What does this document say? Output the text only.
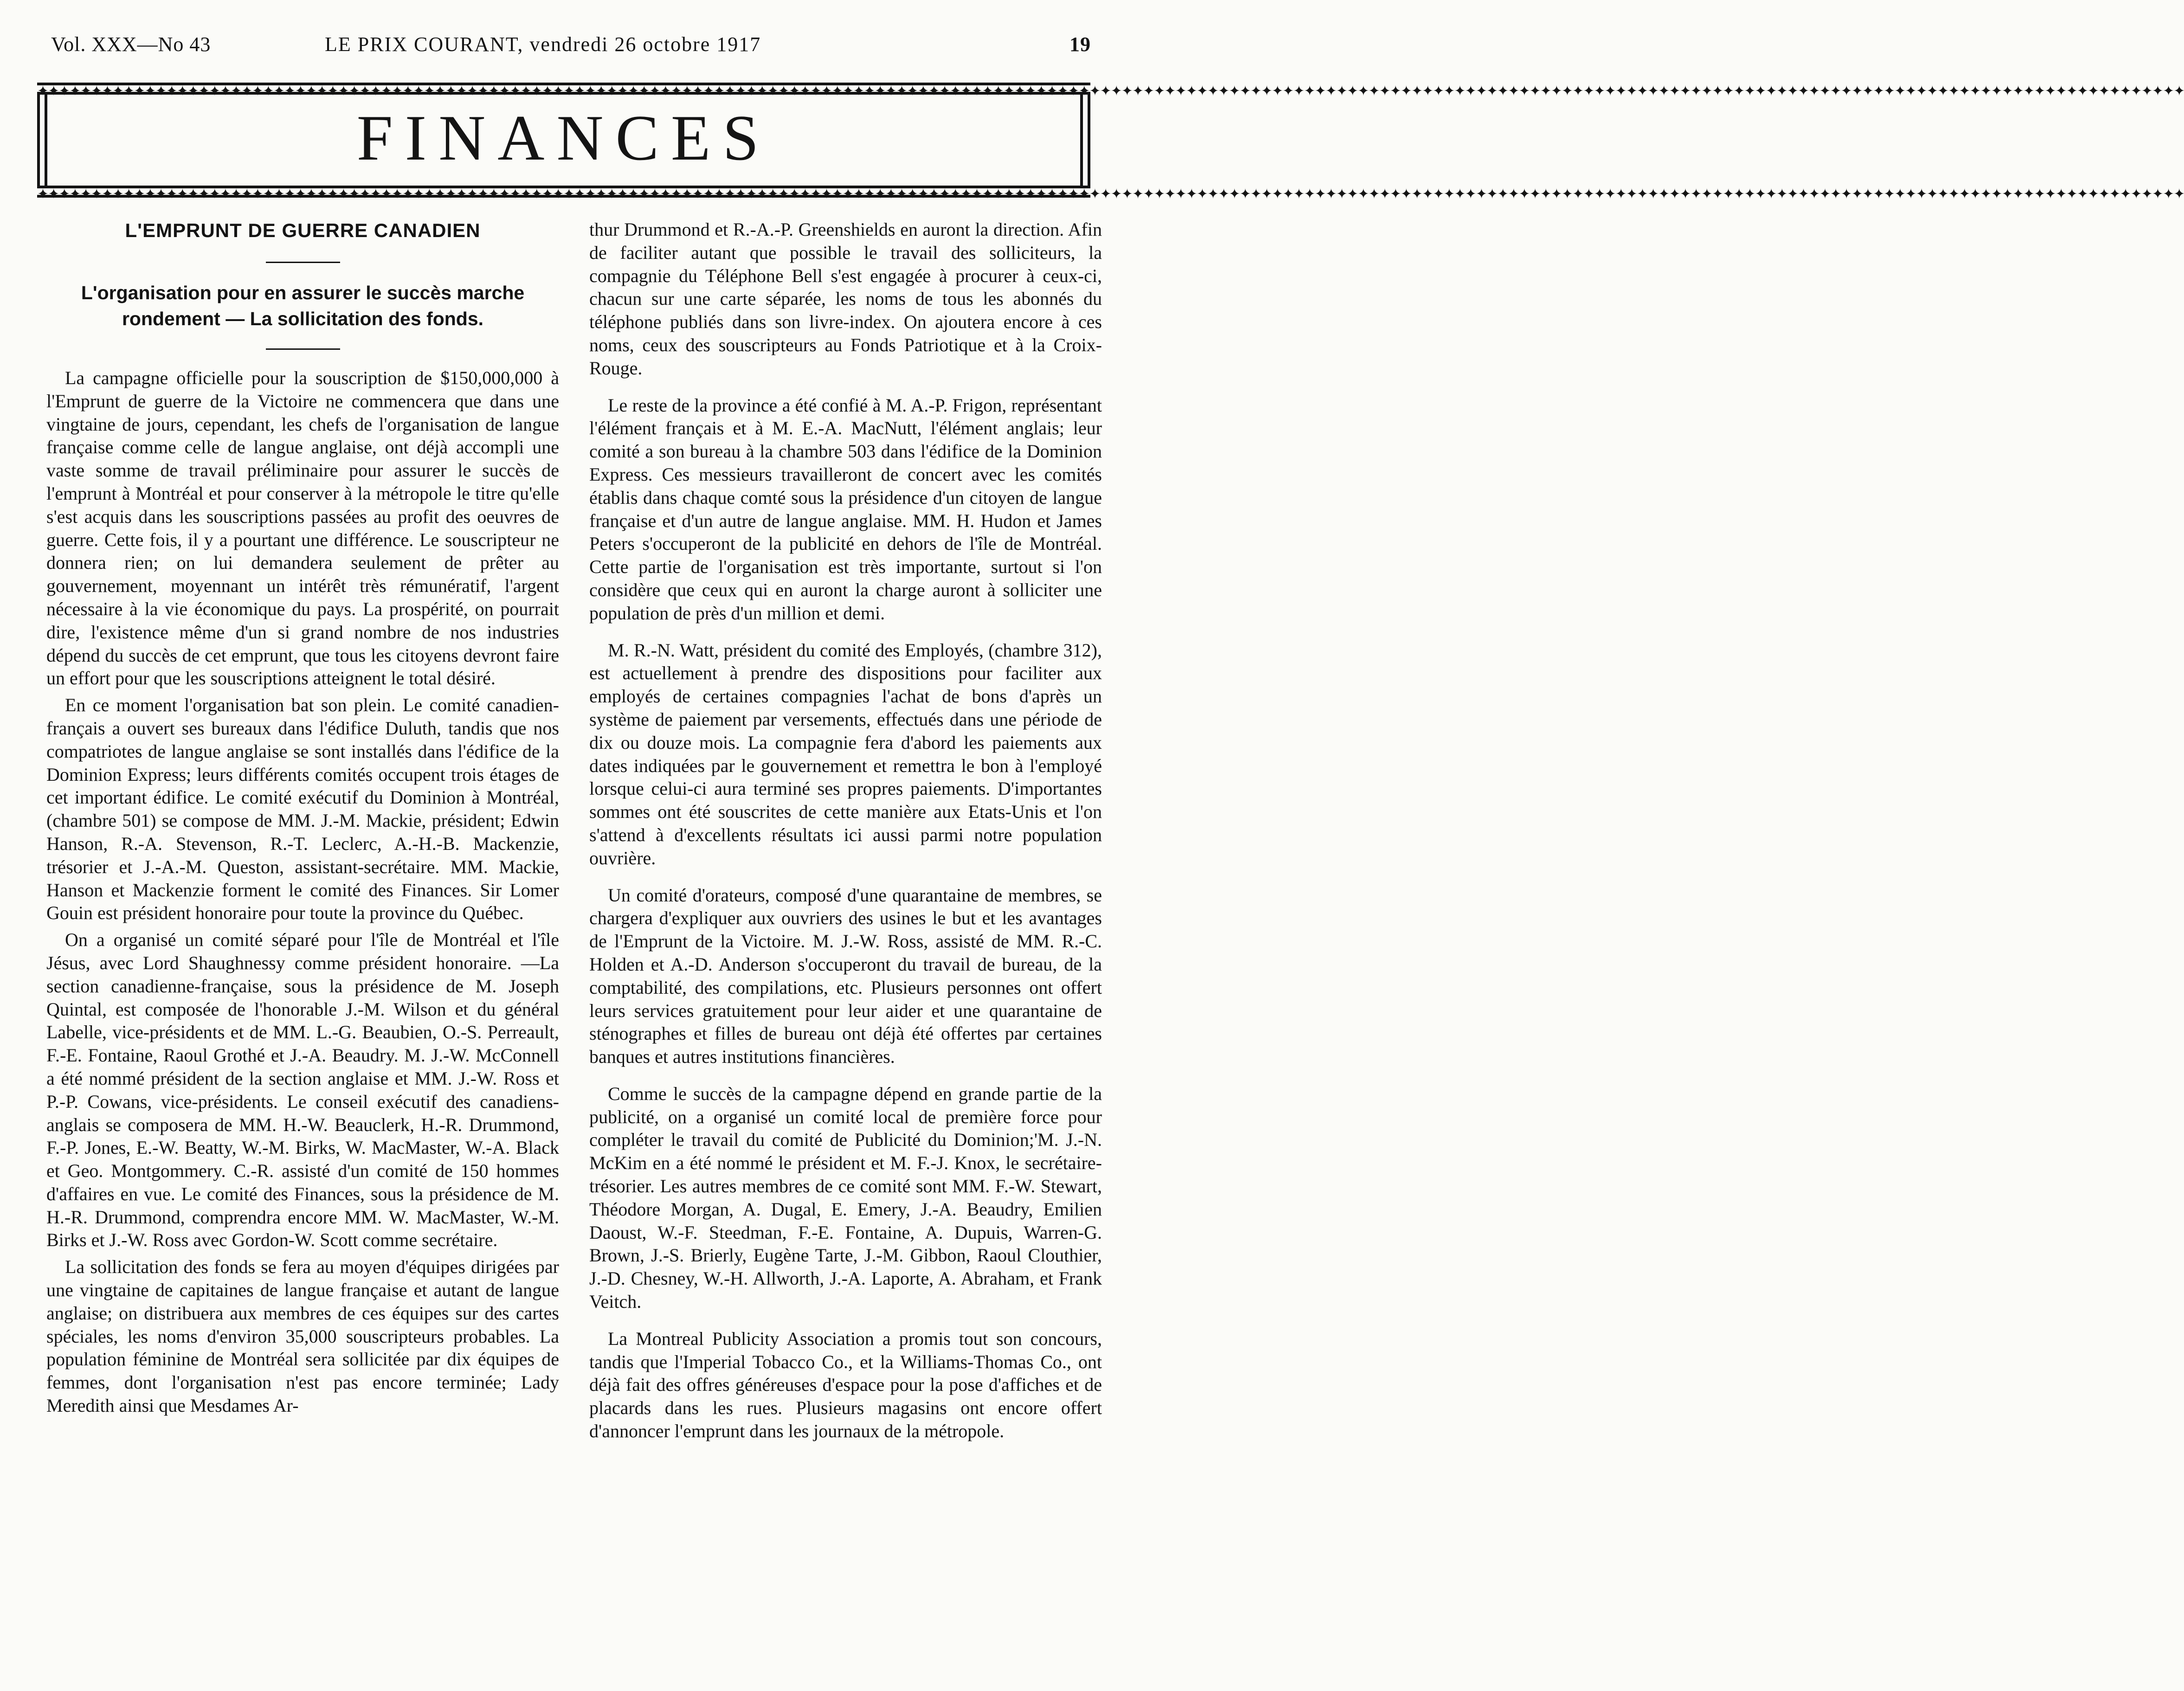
Vol. XXX—No 43	LE PRIX COURANT, vendredi 26 octobre 1917	19
✦✦✦✦✦✦✦✦✦✦✦✦✦✦✦✦✦✦✦✦✦✦✦✦✦✦✦✦✦✦✦✦✦✦✦✦✦✦✦✦✦✦✦✦✦✦✦✦✦✦✦✦✦✦✦✦✦✦✦✦✦✦✦✦✦✦✦✦✦✦✦✦✦✦✦✦✦✦✦✦✦✦✦✦✦✦✦✦✦✦✦✦✦✦✦✦✦✦✦✦✦✦✦✦✦✦✦✦✦✦✦✦✦✦✦✦✦✦✦✦✦✦✦✦✦✦✦✦✦✦✦✦✦✦✦✦✦✦✦✦✦✦✦✦✦✦✦✦✦✦✦✦✦✦✦✦✦✦✦✦✦✦✦✦✦✦✦✦✦✦✦✦✦✦✦✦✦✦✦✦✦✦✦✦✦✦✦✦✦✦✦✦✦✦✦✦✦✦✦✦
FINANCES
✦✦✦✦✦✦✦✦✦✦✦✦✦✦✦✦✦✦✦✦✦✦✦✦✦✦✦✦✦✦✦✦✦✦✦✦✦✦✦✦✦✦✦✦✦✦✦✦✦✦✦✦✦✦✦✦✦✦✦✦✦✦✦✦✦✦✦✦✦✦✦✦✦✦✦✦✦✦✦✦✦✦✦✦✦✦✦✦✦✦✦✦✦✦✦✦✦✦✦✦✦✦✦✦✦✦✦✦✦✦✦✦✦✦✦✦✦✦✦✦✦✦✦✦✦✦✦✦✦✦✦✦✦✦✦✦✦✦✦✦✦✦✦✦✦✦✦✦✦✦✦✦✦✦✦✦✦✦✦✦✦✦✦✦✦✦✦✦✦✦✦✦✦✦✦✦✦✦✦✦✦✦✦✦✦✦✦✦✦✦✦✦✦✦✦✦✦✦✦✦
L'EMPRUNT DE GUERRE CANADIEN
L'organisation pour en assurer le succès marche rondement — La sollicitation des fonds.

La campagne officielle pour la souscription de $150,000,000 à l'Emprunt de guerre de la Victoire ne commencera que dans une vingtaine de jours, cependant, les chefs de l'organisation de langue française comme celle de langue anglaise, ont déjà accompli une vaste somme de travail préliminaire pour assurer le succès de l'emprunt à Montréal et pour conserver à la métropole le titre qu'elle s'est acquis dans les souscriptions passées au profit des oeuvres de guerre. Cette fois, il y a pourtant une différence. Le souscripteur ne donnera rien; on lui demandera seulement de prêter au gouvernement, moyennant un intérêt très rémunératif, l'argent nécessaire à la vie économique du pays. La prospérité, on pourrait dire, l'existence même d'un si grand nombre de nos industries dépend du succès de cet emprunt, que tous les citoyens devront faire un effort pour que les souscriptions atteignent le total désiré.

En ce moment l'organisation bat son plein. Le comité canadien-français a ouvert ses bureaux dans l'édifice Duluth, tandis que nos compatriotes de langue anglaise se sont installés dans l'édifice de la Dominion Express; leurs différents comités occupent trois étages de cet important édifice. Le comité exécutif du Dominion à Montréal, (chambre 501) se compose de MM. J.-M. Mackie, président; Edwin Hanson, R.-A. Stevenson, R.-T. Leclerc, A.-H.-B. Mackenzie, trésorier et J.-A.-M. Queston, assistant-secrétaire. MM. Mackie, Hanson et Mackenzie forment le comité des Finances. Sir Lomer Gouin est président honoraire pour toute la province du Québec.

On a organisé un comité séparé pour l'île de Montréal et l'île Jésus, avec Lord Shaughnessy comme président honoraire. —La section canadienne-française, sous la présidence de M. Joseph Quintal, est composée de l'honorable J.-M. Wilson et du général Labelle, vice-présidents et de MM. L.-G. Beaubien, O.-S. Perreault, F.-E. Fontaine, Raoul Grothé et J.-A. Beaudry. M. J.-W. McConnell a été nommé président de la section anglaise et MM. J.-W. Ross et P.-P. Cowans, vice-présidents. Le conseil exécutif des canadiens-anglais se composera de MM. H.-W. Beauclerk, H.-R. Drummond, F.-P. Jones, E.-W. Beatty, W.-M. Birks, W. MacMaster, W.-A. Black et Geo. Montgommery. C.-R. assisté d'un comité de 150 hommes d'affaires en vue. Le comité des Finances, sous la présidence de M. H.-R. Drummond, comprendra encore MM. W. MacMaster, W.-M. Birks et J.-W. Ross avec Gordon-W. Scott comme secrétaire.

La sollicitation des fonds se fera au moyen d'équipes dirigées par une vingtaine de capitaines de langue française et autant de langue anglaise; on distribuera aux membres de ces équipes sur des cartes spéciales, les noms d'environ 35,000 souscripteurs probables. La population féminine de Montréal sera sollicitée par dix équipes de femmes, dont l'organisation n'est pas encore terminée; Lady Meredith ainsi que Mesdames Ar-

thur Drummond et R.-A.-P. Greenshields en auront la direction. Afin de faciliter autant que possible le travail des solliciteurs, la compagnie du Téléphone Bell s'est engagée à procurer à ceux-ci, chacun sur une carte séparée, les noms de tous les abonnés du téléphone publiés dans son livre-index. On ajoutera encore à ces noms, ceux des souscripteurs au Fonds Patriotique et à la Croix-Rouge.

Le reste de la province a été confié à M. A.-P. Frigon, représentant l'élément français et à M. E.-A. MacNutt, l'élément anglais; leur comité a son bureau à la chambre 503 dans l'édifice de la Dominion Express. Ces messieurs travailleront de concert avec les comités établis dans chaque comté sous la présidence d'un citoyen de langue française et d'un autre de langue anglaise. MM. H. Hudon et James Peters s'occuperont de la publicité en dehors de l'île de Montréal. Cette partie de l'organisation est très importante, surtout si l'on considère que ceux qui en auront la charge auront à solliciter une population de près d'un million et demi.

M. R.-N. Watt, président du comité des Employés, (chambre 312), est actuellement à prendre des dispositions pour faciliter aux employés de certaines compagnies l'achat de bons d'après un système de paiement par versements, effectués dans une période de dix ou douze mois. La compagnie fera d'abord les paiements aux dates indiquées par le gouvernement et remettra le bon à l'employé lorsque celui-ci aura terminé ses propres paiements. D'importantes sommes ont été souscrites de cette manière aux Etats-Unis et l'on s'attend à d'excellents résultats ici aussi parmi notre population ouvrière.

Un comité d'orateurs, composé d'une quarantaine de membres, se chargera d'expliquer aux ouvriers des usines le but et les avantages de l'Emprunt de la Victoire. M. J.-W. Ross, assisté de MM. R.-C. Holden et A.-D. Anderson s'occuperont du travail de bureau, de la comptabilité, des compilations, etc. Plusieurs personnes ont offert leurs services gratuitement pour leur aider et une quarantaine de sténographes et filles de bureau ont déjà été offertes par certaines banques et autres institutions financières.

Comme le succès de la campagne dépend en grande partie de la publicité, on a organisé un comité local de première force pour compléter le travail du comité de Publicité du Dominion;'M. J.-N. McKim en a été nommé le président et M. F.-J. Knox, le secrétaire-trésorier. Les autres membres de ce comité sont MM. F.-W. Stewart, Théodore Morgan, A. Dugal, E. Emery, J.-A. Beaudry, Emilien Daoust, W.-F. Steedman, F.-E. Fontaine, A. Dupuis, Warren-G. Brown, J.-S. Brierly, Eugène Tarte, J.-M. Gibbon, Raoul Clouthier, J.-D. Chesney, W.-H. Allworth, J.-A. Laporte, A. Abraham, et Frank Veitch.

La Montreal Publicity Association a promis tout son concours, tandis que l'Imperial Tobacco Co., et la Williams-Thomas Co., ont déjà fait des offres généreuses d'espace pour la pose d'affiches et de placards dans les rues. Plusieurs magasins ont encore offert d'annoncer l'emprunt dans les journaux de la métropole.
